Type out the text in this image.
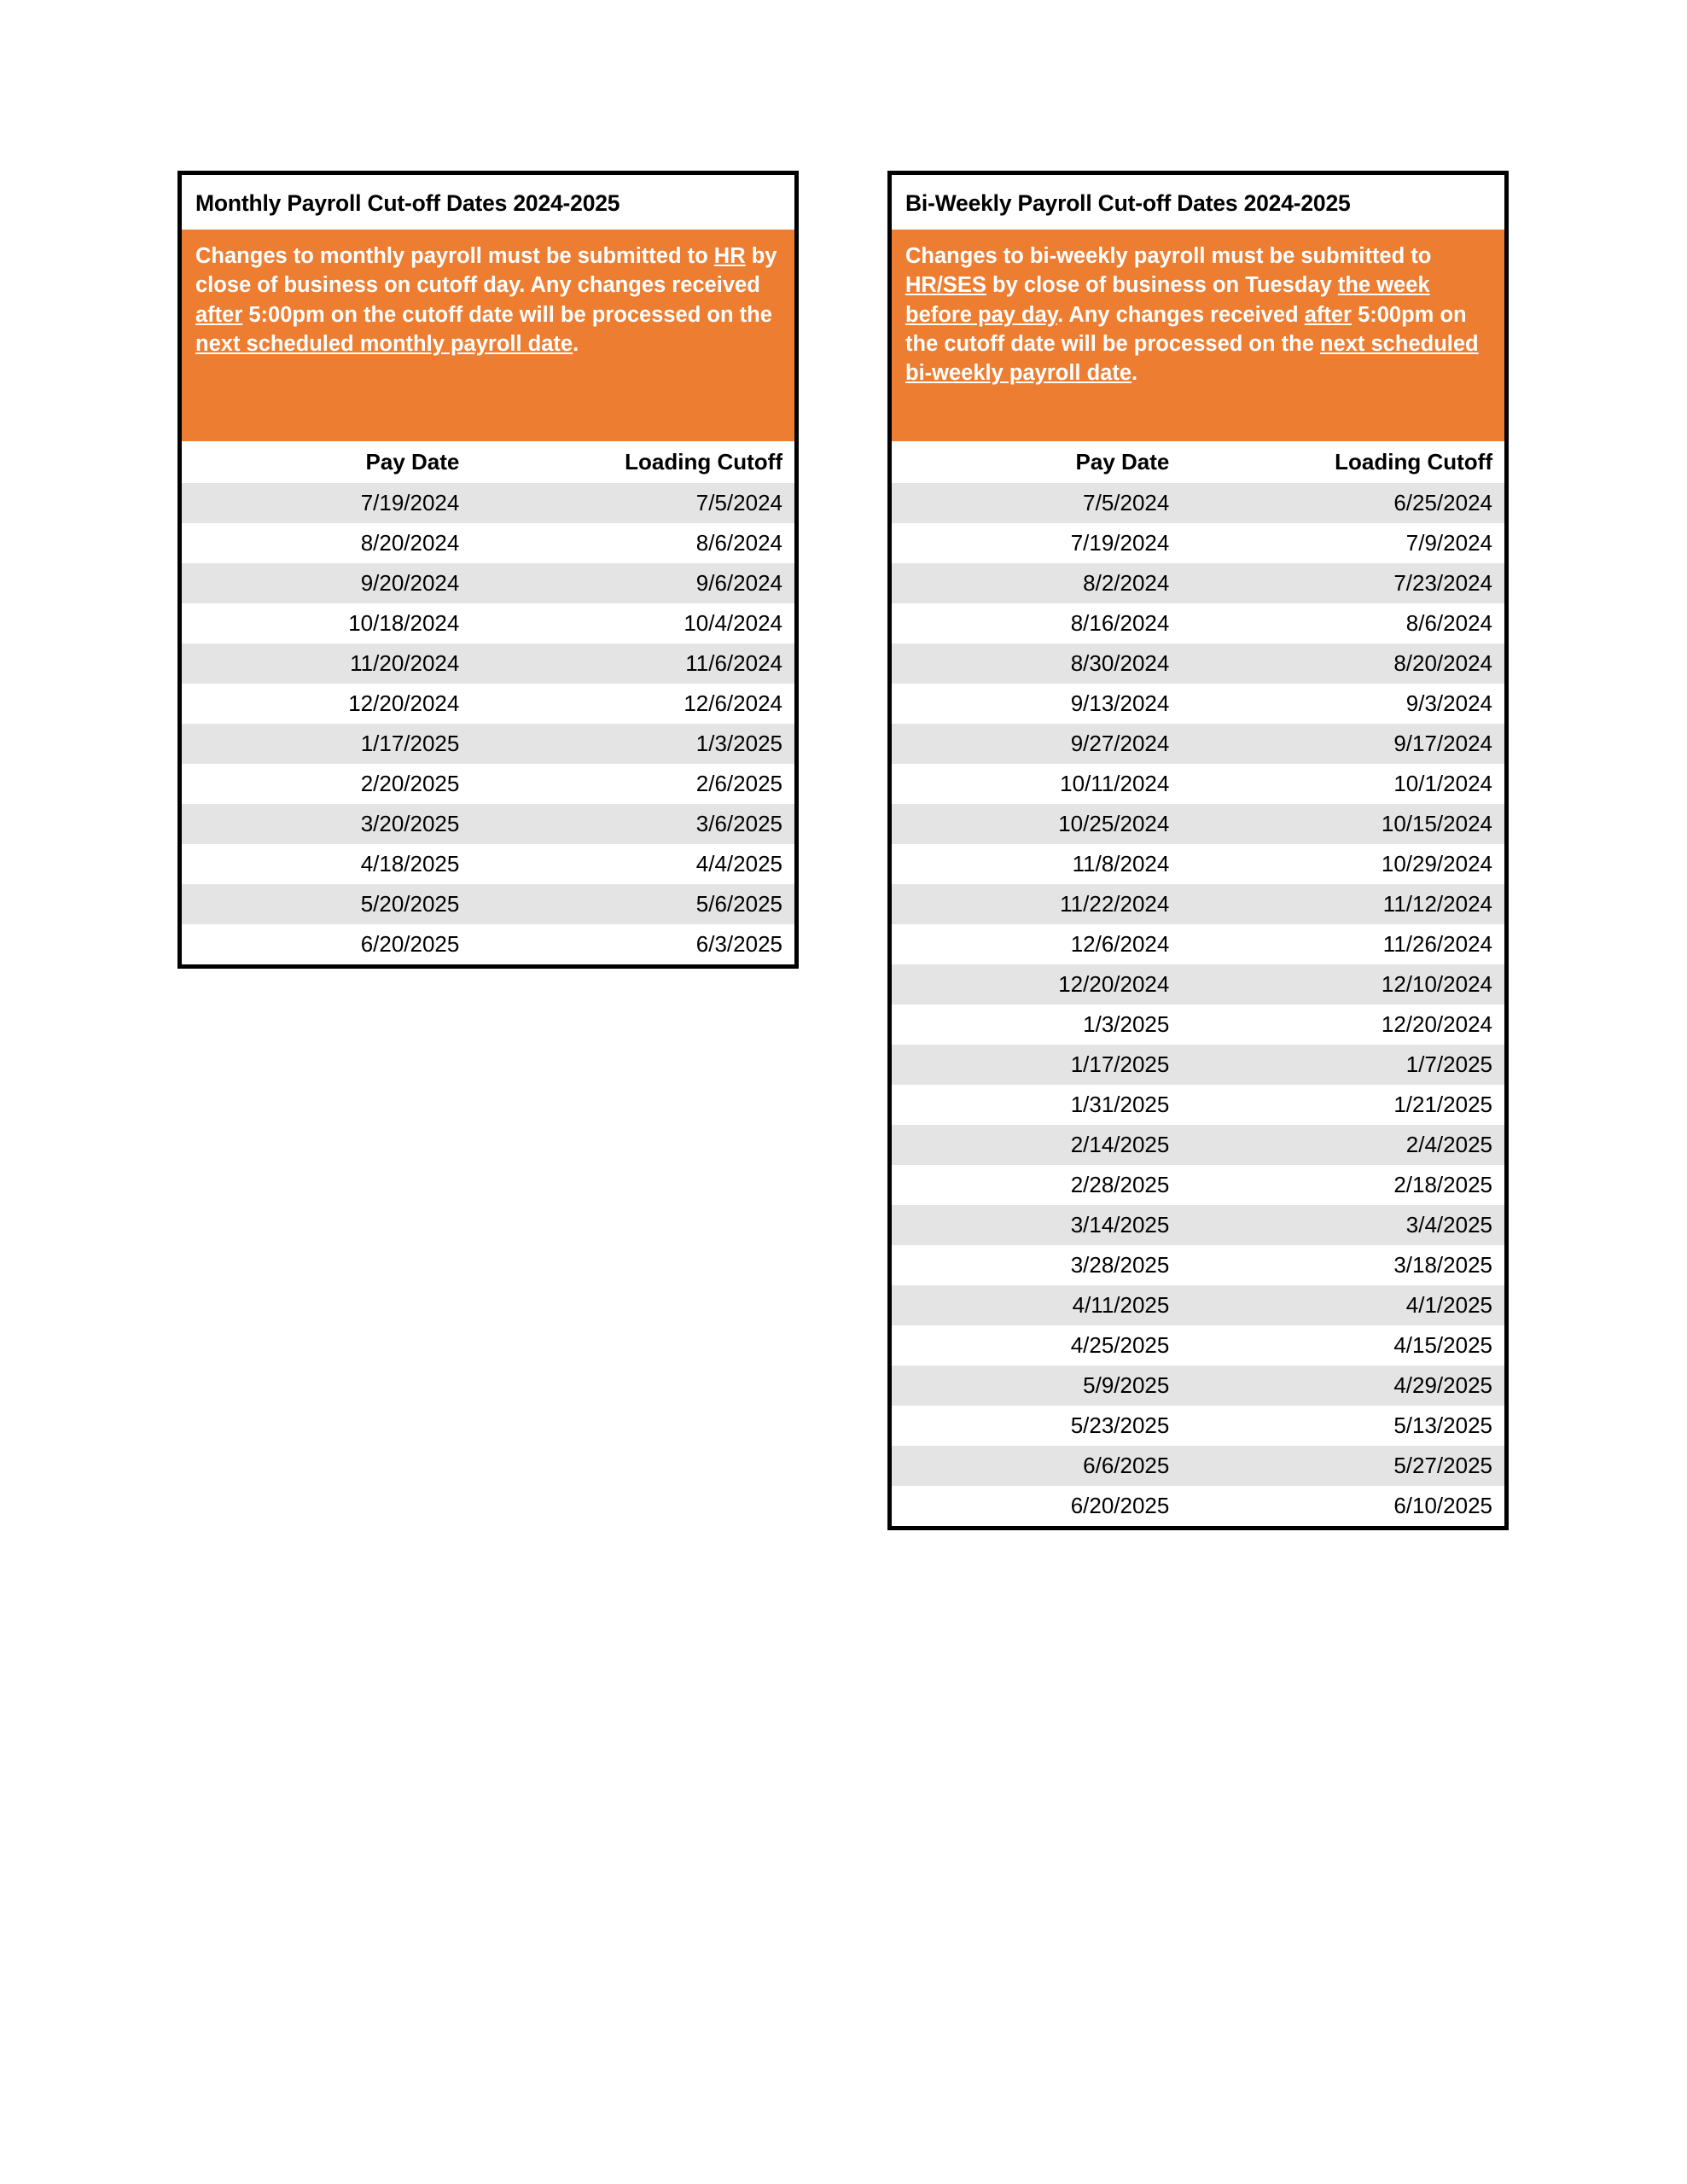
Monthly Payroll Cut-off Dates 2024-2025
Changes to monthly payroll must be submitted to HR by close of business on cutoff day. Any changes received after 5:00pm on the cutoff date will be processed on the next scheduled monthly payroll date.
Pay Date	Loading Cutoff
7/19/2024	7/5/2024
8/20/2024	8/6/2024
9/20/2024	9/6/2024
10/18/2024	10/4/2024
11/20/2024	11/6/2024
12/20/2024	12/6/2024
1/17/2025	1/3/2025
2/20/2025	2/6/2025
3/20/2025	3/6/2025
4/18/2025	4/4/2025
5/20/2025	5/6/2025
6/20/2025	6/3/2025
Bi-Weekly Payroll Cut-off Dates 2024-2025
Changes to bi-weekly payroll must be submitted to HR/SES by close of business on Tuesday the week before pay day. Any changes received after 5:00pm on the cutoff date will be processed on the next scheduled bi-weekly payroll date.
Pay Date	Loading Cutoff
7/5/2024	6/25/2024
7/19/2024	7/9/2024
8/2/2024	7/23/2024
8/16/2024	8/6/2024
8/30/2024	8/20/2024
9/13/2024	9/3/2024
9/27/2024	9/17/2024
10/11/2024	10/1/2024
10/25/2024	10/15/2024
11/8/2024	10/29/2024
11/22/2024	11/12/2024
12/6/2024	11/26/2024
12/20/2024	12/10/2024
1/3/2025	12/20/2024
1/17/2025	1/7/2025
1/31/2025	1/21/2025
2/14/2025	2/4/2025
2/28/2025	2/18/2025
3/14/2025	3/4/2025
3/28/2025	3/18/2025
4/11/2025	4/1/2025
4/25/2025	4/15/2025
5/9/2025	4/29/2025
5/23/2025	5/13/2025
6/6/2025	5/27/2025
6/20/2025	6/10/2025
